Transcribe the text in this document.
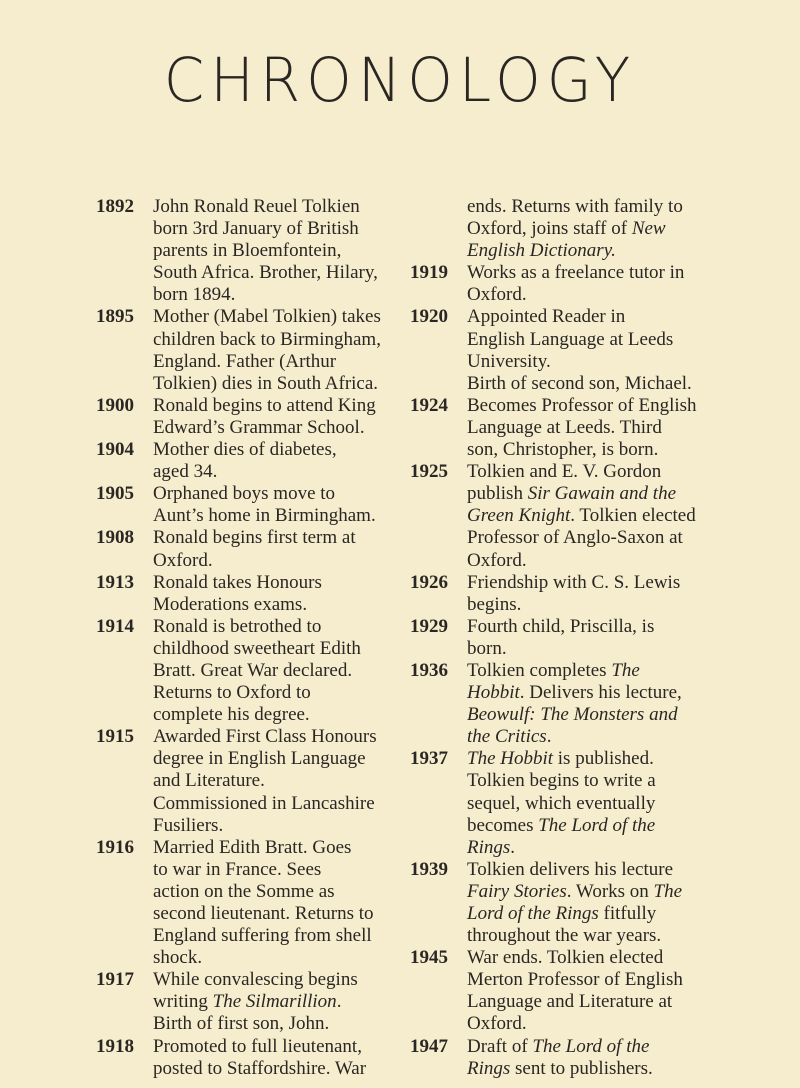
CHRONOLOGY
1892	John Ronald Reuel Tolkien
born 3rd January of British
parents in Bloemfontein,
South Africa. Brother, Hilary,
born 1894.
1895	Mother (Mabel Tolkien) takes
children back to Birmingham,
England. Father (Arthur
Tolkien) dies in South Africa.
1900	Ronald begins to attend King
Edward’s Grammar School.
1904	Mother dies of diabetes,
aged 34.
1905	Orphaned boys move to
Aunt’s home in Birmingham.
1908	Ronald begins first term at
Oxford.
1913	Ronald takes Honours
Moderations exams.
1914	Ronald is betrothed to
childhood sweetheart Edith
Bratt. Great War declared.
Returns to Oxford to
complete his degree.
1915	Awarded First Class Honours
degree in English Language
and Literature.
Commissioned in Lancashire
Fusiliers.
1916	Married Edith Bratt. Goes
to war in France. Sees
action on the Somme as
second lieutenant. Returns to
England suffering from shell
shock.
1917	While convalescing begins
writing The Silmarillion.
Birth of first son, John.
1918	Promoted to full lieutenant,
posted to Staffordshire. War
ends. Returns with family to
Oxford, joins staff of New
English Dictionary.
1919	Works as a freelance tutor in
Oxford.
1920	Appointed Reader in
English Language at Leeds
University.
Birth of second son, Michael.
1924	Becomes Professor of English
Language at Leeds. Third
son, Christopher, is born.
1925	Tolkien and E. V. Gordon
publish Sir Gawain and the
Green Knight. Tolkien elected
Professor of Anglo-Saxon at
Oxford.
1926	Friendship with C. S. Lewis
begins.
1929	Fourth child, Priscilla, is
born.
1936	Tolkien completes The
Hobbit. Delivers his lecture,
Beowulf: The Monsters and
the Critics.
1937	The Hobbit is published.
Tolkien begins to write a
sequel, which eventually
becomes The Lord of the
Rings.
1939	Tolkien delivers his lecture
Fairy Stories. Works on The
Lord of the Rings fitfully
throughout the war years.
1945	War ends. Tolkien elected
Merton Professor of English
Language and Literature at
Oxford.
1947	Draft of The Lord of the
Rings sent to publishers.
